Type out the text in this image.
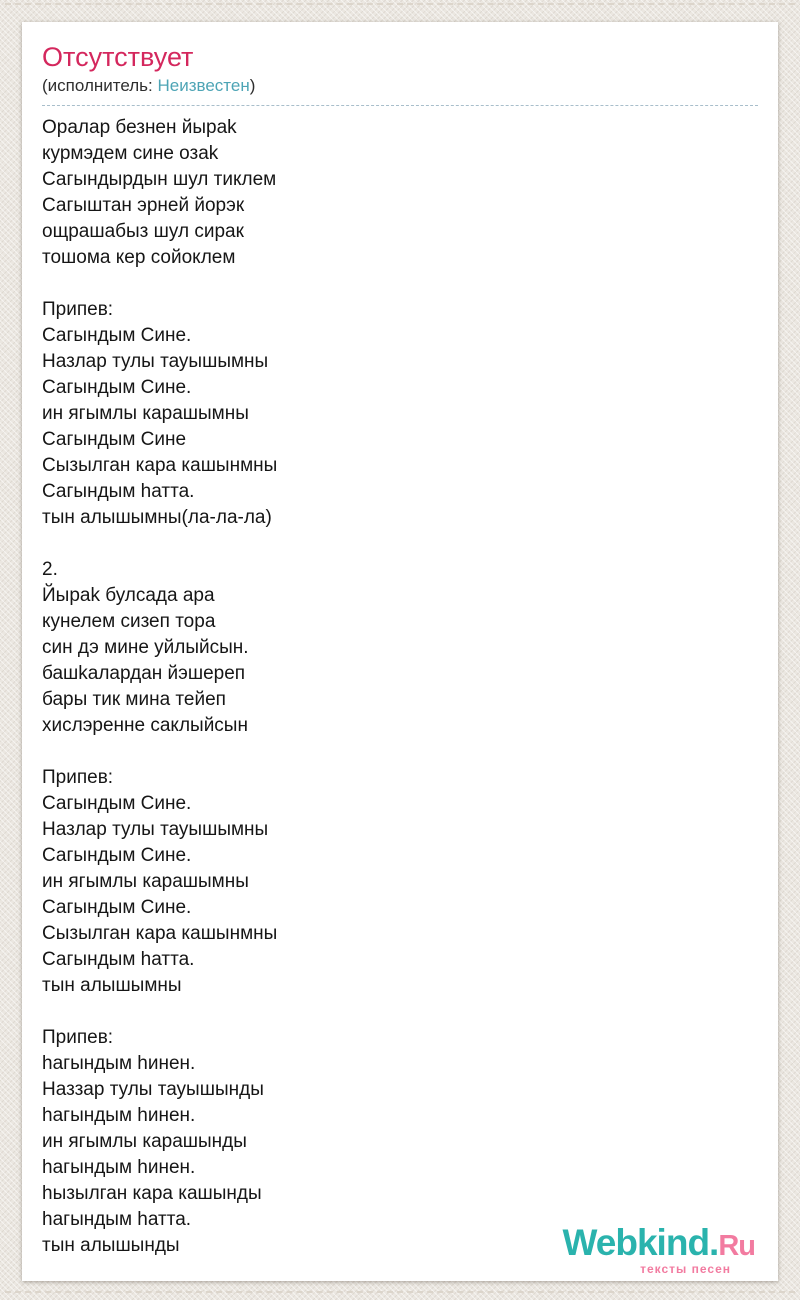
Отсутствует
(исполнитель: Неизвестен)
Оралар безнен йыраk
курмэдем сине озаk
Сагындырдын шул тиклем
Сагыштан эрней йорэк
ощрашабыз шул сирак
тошома кер сойоклем

Припев:
Сагындым Сине.
Назлар тулы тауышымны
Сагындым Сине.
ин ягымлы карашымны
Сагындым Сине
Сызылган кара кашынмны
Сагындым hатта.
тын алышымны(ла-ла-ла)

2.
Йыраk булсада ара
кунелем сизеп тора
син дэ мине уйлыйсын.
башkалардан йэшереп
бары тик мина тейеп
хислэренне саклыйсын

Припев:
Сагындым Сине.
Назлар тулы тауышымны
Сагындым Сине.
ин ягымлы карашымны
Сагындым Сине.
Сызылган кара кашынмны
Сагындым hатта.
тын алышымны

Припев:
hагындым hинен.
Наззар тулы тауышынды
hагындым hинен.
ин ягымлы карашынды
hагындым hинен.
hызылган кара кашынды
hагындым hатта.
тын алышынды	Webkind.Ru
тексты песен
